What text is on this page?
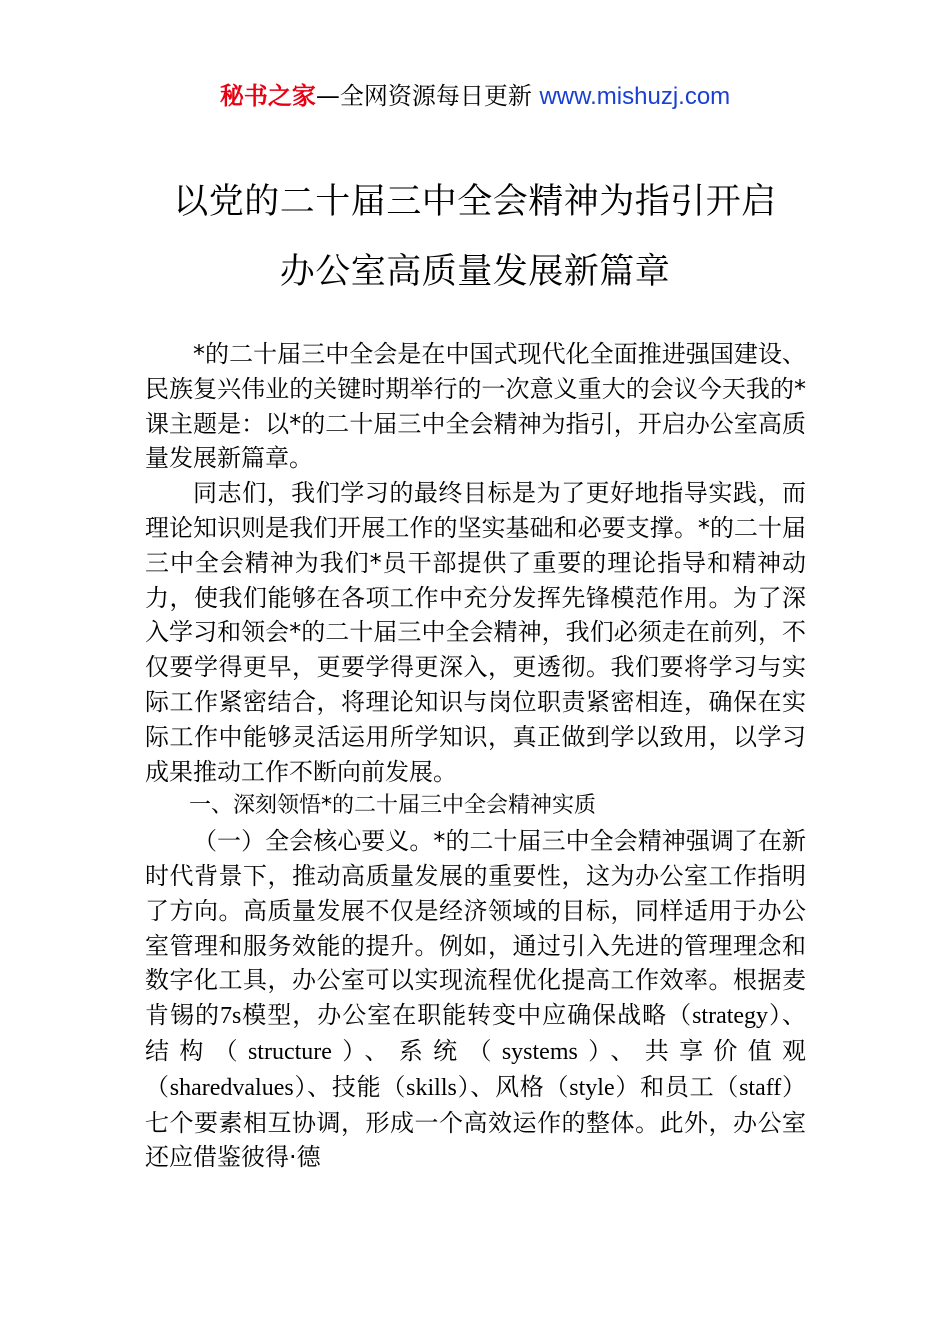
秘书之家—全网资源每日更新 www.mishuzj.com
以党的二十届三中全会精神为指引开启
办公室高质量发展新篇章

*的二十届三中全会是在中国式现代化全面推进强国建设、民族复兴伟业的关键时期举行的一次意义重大的会议今天我的*课主题是：以*的二十届三中全会精神为指引，开启办公室高质量发展新篇章。

同志们，我们学习的最终目标是为了更好地指导实践，而理论知识则是我们开展工作的坚实基础和必要支撑。*的二十届三中全会精神为我们*员干部提供了重要的理论指导和精神动力，使我们能够在各项工作中充分发挥先锋模范作用。为了深入学习和领会*的二十届三中全会精神，我们必须走在前列，不仅要学得更早，更要学得更深入，更透彻。我们要将学习与实际工作紧密结合，将理论知识与岗位职责紧密相连，确保在实际工作中能够灵活运用所学知识，真正做到学以致用，以学习成果推动工作不断向前发展。

一、深刻领悟*的二十届三中全会精神实质

（一）全会核心要义。*的二十届三中全会精神强调了在新时代背景下，推动高质量发展的重要性，这为办公室工作指明了方向。高质量发展不仅是经济领域的目标，同样适用于办公室管理和服务效能的提升。例如，通过引入先进的管理理念和数字化工具，办公室可以实现流程优化提高工作效率。根据麦肯锡的7s模型，办公室在职能转变中应确保战略（strategy）、结构（structure）、系统（systems）、共享价值观（sharedvalues）、技能（skills）、风格（style）和员工（staff）七个要素相互协调，形成一个高效运作的整体。此外，办公室还应借鉴彼得·德
